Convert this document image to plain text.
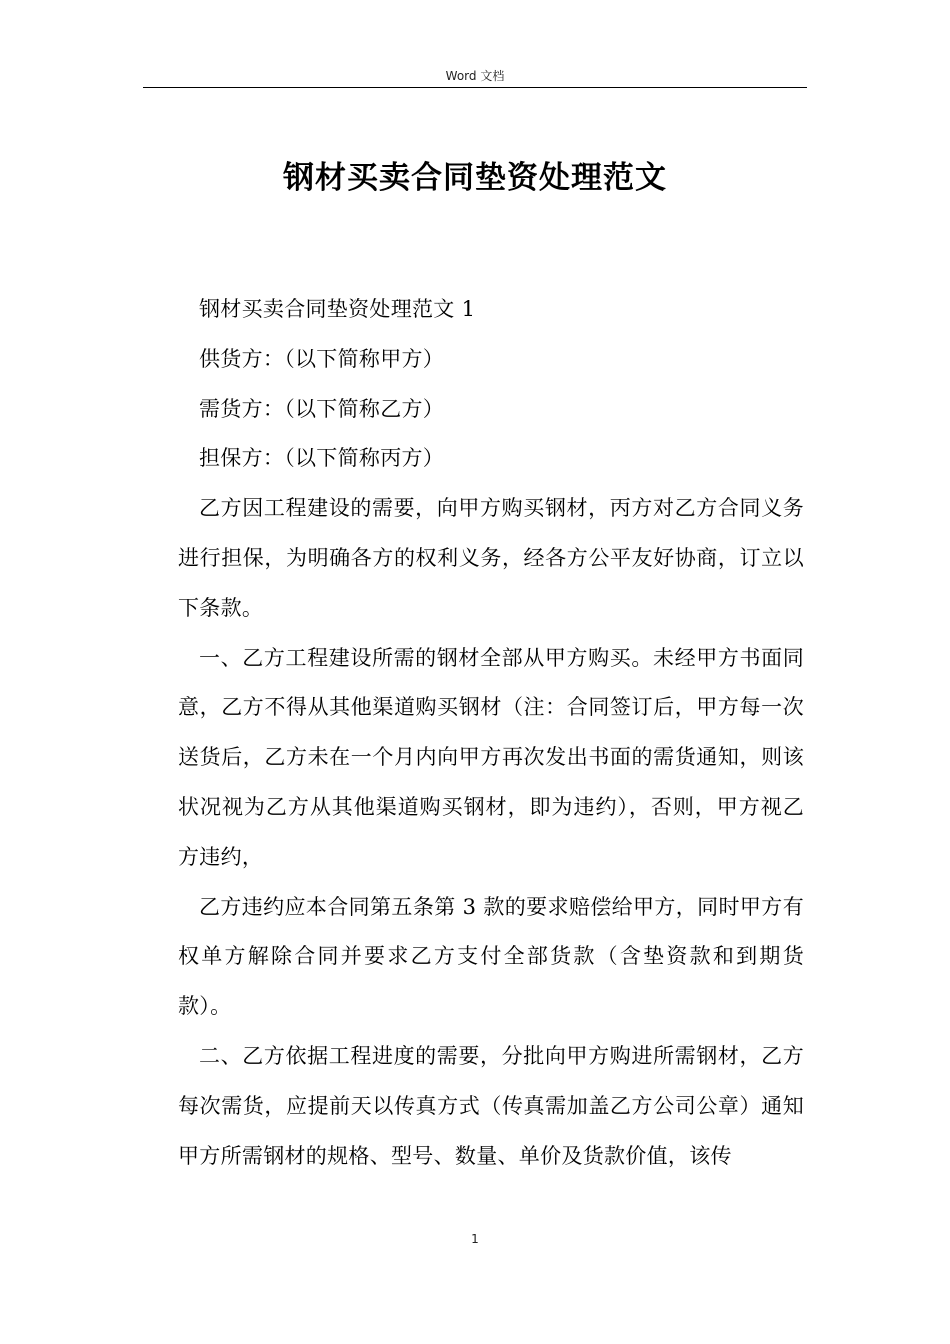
Word 文档
钢材买卖合同垫资处理范文

钢材买卖合同垫资处理范文 1

供货方：（以下简称甲方）

需货方：（以下简称乙方）

担保方：（以下简称丙方）

乙方因工程建设的需要，向甲方购买钢材，丙方对乙方合同义务进行担保，为明确各方的权利义务，经各方公平友好协商，订立以下条款。

一、乙方工程建设所需的钢材全部从甲方购买。未经甲方书面同意，乙方不得从其他渠道购买钢材（注：合同签订后，甲方每一次送货后，乙方未在一个月内向甲方再次发出书面的需货通知，则该状况视为乙方从其他渠道购买钢材，即为违约），否则，甲方视乙方违约，

乙方违约应本合同第五条第 3 款的要求赔偿给甲方，同时甲方有权单方解除合同并要求乙方支付全部货款（含垫资款和到期货款）。

二、乙方依据工程进度的需要，分批向甲方购进所需钢材，乙方每次需货，应提前天以传真方式（传真需加盖乙方公司公章）通知甲方所需钢材的规格、型号、数量、单价及货款价值，该传

1
